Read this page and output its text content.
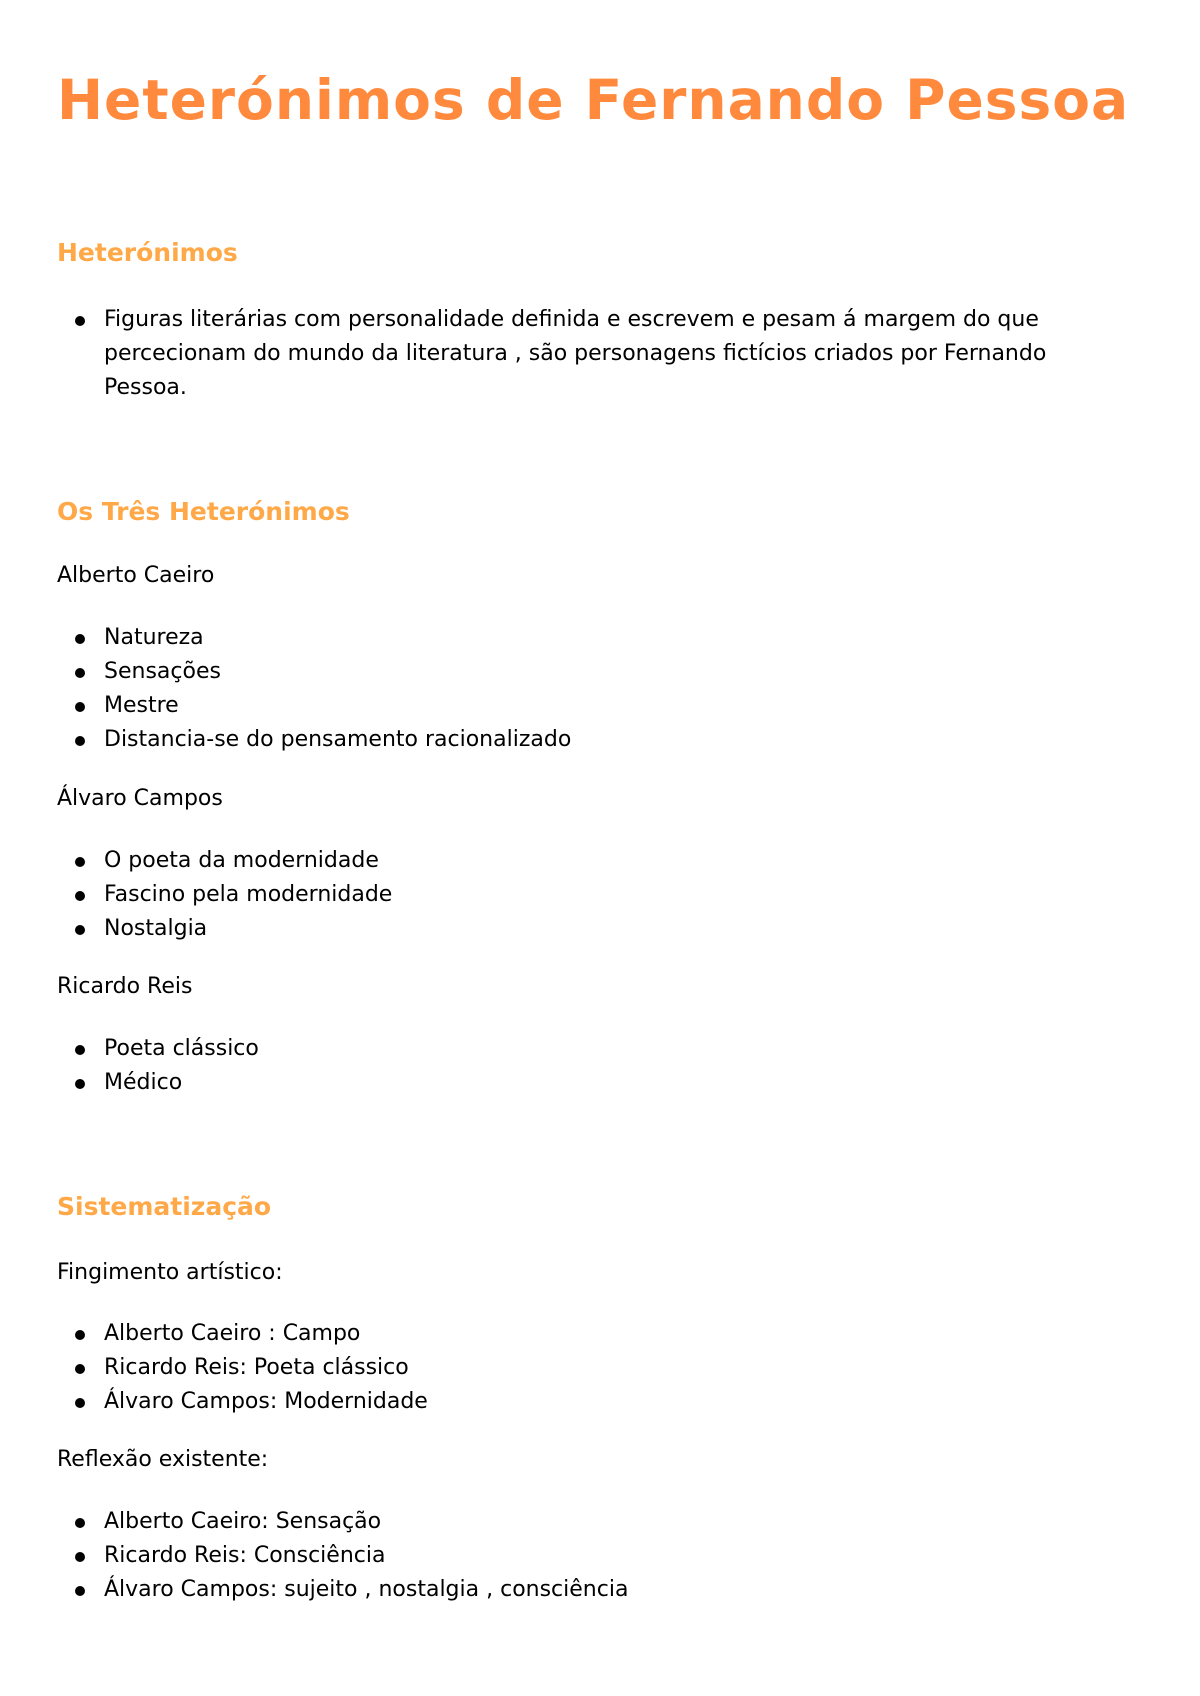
Heterónimos de Fernando Pessoa
Heterónimos
Figuras literárias com personalidade definida e escrevem e pesam á margem do que percecionam do mundo da literatura , são personagens fictícios criados por Fernando Pessoa.
Os Três Heterónimos

Alberto Caeiro

Natureza
Sensações
Mestre
Distancia-se do pensamento racionalizado

Álvaro Campos

O poeta da modernidade
Fascino pela modernidade
Nostalgia

Ricardo Reis

Poeta clássico
Médico
Sistematização

Fingimento artístico:

Alberto Caeiro : Campo
Ricardo Reis: Poeta clássico
Álvaro Campos: Modernidade

Reflexão existente:

Alberto Caeiro: Sensação
Ricardo Reis: Consciência
Álvaro Campos: sujeito , nostalgia , consciência
